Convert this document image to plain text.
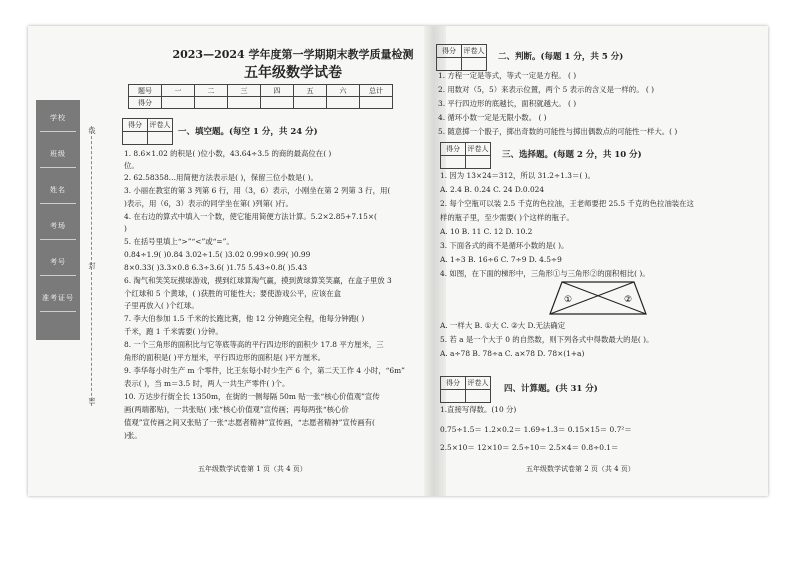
学校
班级
姓名
考场
考号
准考证号
线
封
密
2023—2024 学年度第一学期期末教学质量检测
五年级数学试卷
题号	一	二	三	四	五	六	总计
得分							
得分	评卷人

一、填空题。(每空 1 分，共 24 分)
1. 8.6×1.02 的积是( )位小数，43.64÷3.5 的商的最高位在( )
位。
2. 62.58358…用简便方法表示是( )，保留三位小数是( )。
3. 小丽在教室的第 3 列第 6 行，用（3，6）表示，小刚坐在第 2 列第 3 行，用(
)表示，用（6，3）表示的同学坐在第( )列第( )行。
4. 在右边的算式中填入一个数，使它能用简便方法计算。5.2×2.85+7.15×(
)
5. 在括号里填上“>”“<”或“=”。
0.84÷1.9( )0.84 3.02÷1.5( )3.02 0.99×0.99( )0.99
8×0.33( )3.3×0.8 6.3÷3.6( )1.75 5.43÷0.8( )5.43
6. 淘气和笑笑玩摸球游戏，摸到红球算淘气赢，摸到黄球算笑笑赢，在盒子里放 3
个红球和 5 个黄球，( )获胜的可能性大；要使游戏公平，应该在盒
子里再放入( )个红球。
7. 李大伯参加 1.5 千米的长跑比赛，他 12 分钟跑完全程，他每分钟跑( )
千米，跑 1 千米需要( )分钟。
8. 一个三角形的面积比与它等底等高的平行四边形的面积少 17.8 平方厘米，三
角形的面积是( )平方厘米，平行四边形的面积是( )平方厘米。
9. 李华每小时生产 m 个零件，比王东每小时少生产 6 个，第二天工作 4 小时，“6m”
表示( )，当 m＝3.5 时，两人一共生产零件( )个。
10. 万达步行街全长 1350m，在街的一侧每隔 50m 贴一张“核心价值观”宣传
画(两端都贴)，一共张贴( )张“核心价值观”宣传画；再每两张“核心价
值观”宣传画之间又张贴了一张“志愿者精神”宣传画，“志愿者精神”宣传画有(
)张。
五年级数学试卷第 1 页（共 4 页）
得分	评卷人

二、判断。(每题 1 分，共 5 分)
1. 方程一定是等式，等式一定是方程。 ( )
2. 用数对（5，5）来表示位置，两个 5 表示的含义是一样的。 ( )
3. 平行四边形的底越长，面积就越大。 ( )
4. 循环小数一定是无限小数。 ( )
5. 随意掷一个骰子，掷出奇数的可能性与掷出偶数点的可能性一样大。( )
得分	评卷人

三、选择题。(每题 2 分，共 10 分)
1. 因为 13×24＝312，所以 31.2÷1.3＝( )。
A. 2.4 B. 0.24 C. 24 D.0.024
2. 每个空瓶可以装 2.5 千克的色拉油，王老师要把 25.5 千克的色拉油装在这
样的瓶子里，至少需要( )个这样的瓶子。
A. 10 B. 11 C. 12 D. 10.2
3. 下面各式的商不是循环小数的是( )。
A. 1÷3 B. 16÷6 C. 7÷9 D. 4.5÷9
4. 如图，在下面的梯形中，三角形①与三角形②的面积相比( )。
①	②
A. 一样大 B. ①大 C. ②大 D.无法确定
5. 若 a 是一个大于 0 的自然数，则下列各式中得数最大的是( )。
A. a÷78 B. 78÷a C. a×78 D. 78×(1+a)
得分	评卷人

四、计算题。(共 31 分)
1.直接写得数。(10 分)
0.75÷1.5＝ 1.2×0.2＝ 1.69÷1.3＝ 0.15×15＝ 0.7²＝
2.5×10＝ 12×10＝ 2.5÷10＝ 2.5×4＝ 0.8÷0.1＝
五年级数学试卷第 2 页（共 4 页）
